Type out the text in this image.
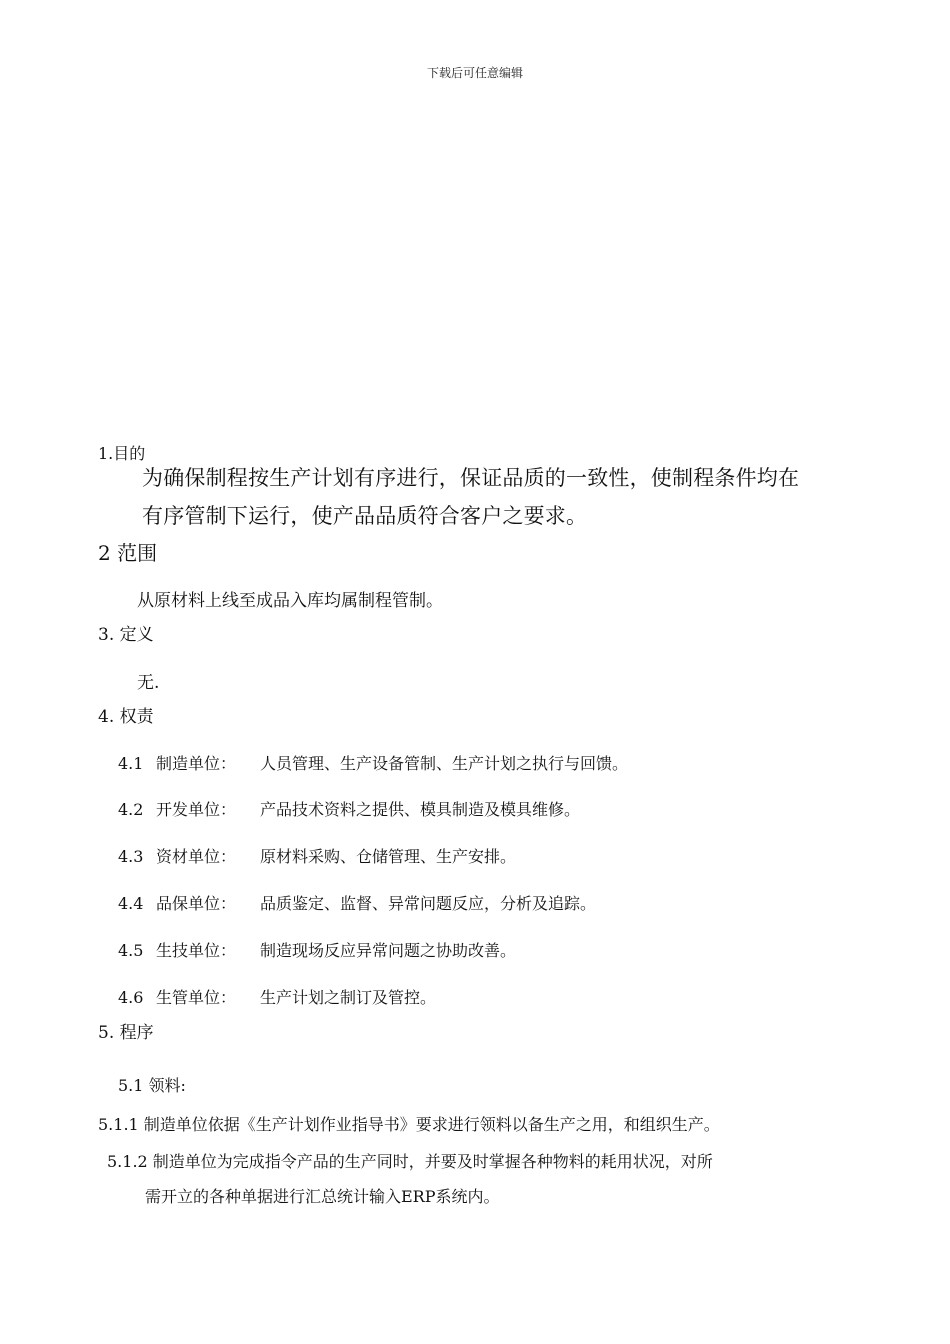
下载后可任意编辑
1.目的
为确保制程按生产计划有序进行，保证品质的一致性，使制程条件均在
有序管制下运行，使产品品质符合客户之要求。
2 范围
从原材料上线至成品入库均属制程管制。
3. 定义
无.
4. 权责
4.1 制造单位： 人员管理、生产设备管制、生产计划之执行与回馈。
4.2 开发单位： 产品技术资料之提供、模具制造及模具维修。
4.3 资材单位： 原材料采购、仓储管理、生产安排。
4.4 品保单位： 品质鉴定、监督、异常问题反应，分析及追踪。
4.5 生技单位： 制造现场反应异常问题之协助改善。
4.6 生管单位： 生产计划之制订及管控。
5. 程序
5.1 领料:
5.1.1 制造单位依据《生产计划作业指导书》要求进行领料以备生产之用，和组织生产。
5.1.2 制造单位为完成指令产品的生产同时，并要及时掌握各种物料的耗用状况，对所
需开立的各种单据进行汇总统计输入ERP系统内。
